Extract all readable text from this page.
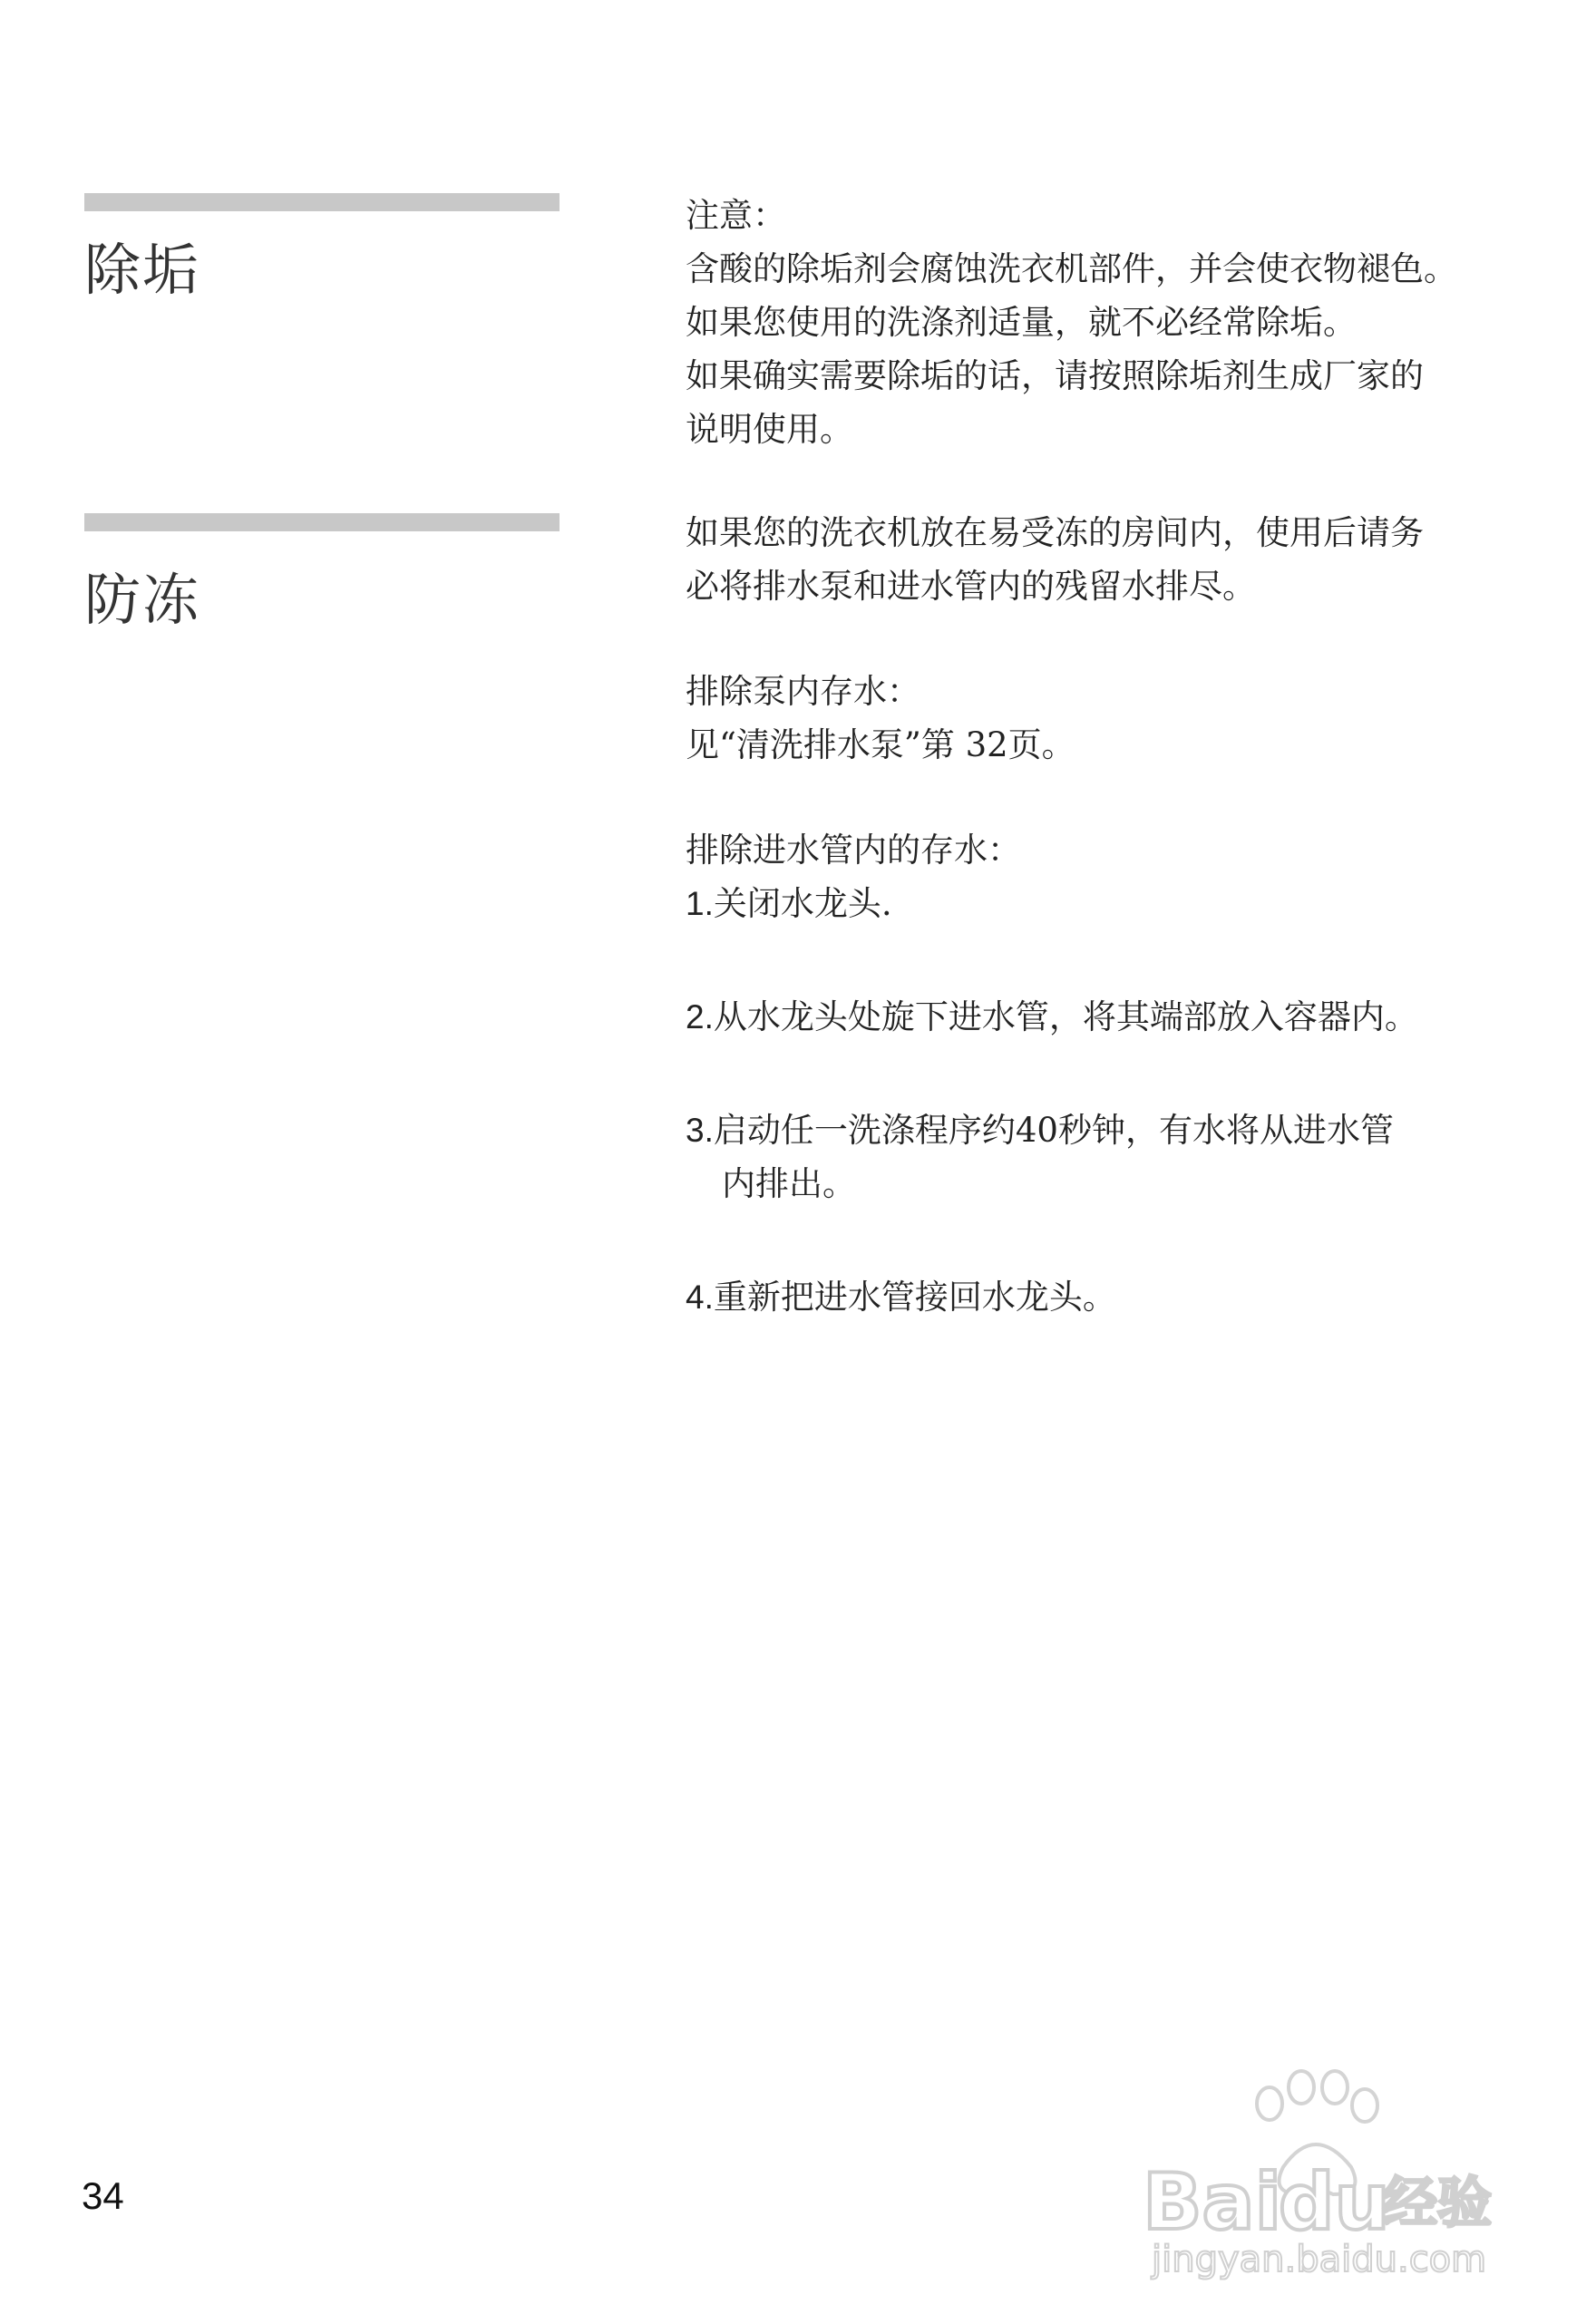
除垢
防冻

注意：

含酸的除垢剂会腐蚀洗衣机部件，并会使衣物褪色。
如果您使用的洗涤剂适量，就不必经常除垢。
如果确实需要除垢的话，请按照除垢剂生成厂家的
说明使用。

如果您的洗衣机放在易受冻的房间内，使用后请务
必将排水泵和进水管内的残留水排尽。

排除泵内存水：

见“清洗排水泵”第 32页。

排除进水管内的存水：

1.关闭水龙头.
2.从水龙头处旋下进水管，将其端部放入容器内。
3.启动任一洗涤程序约40秒钟，有水将从进水管
内排出。
4.重新把进水管接回水龙头。
34	Bai
du
经验
jingyan.baidu.com
